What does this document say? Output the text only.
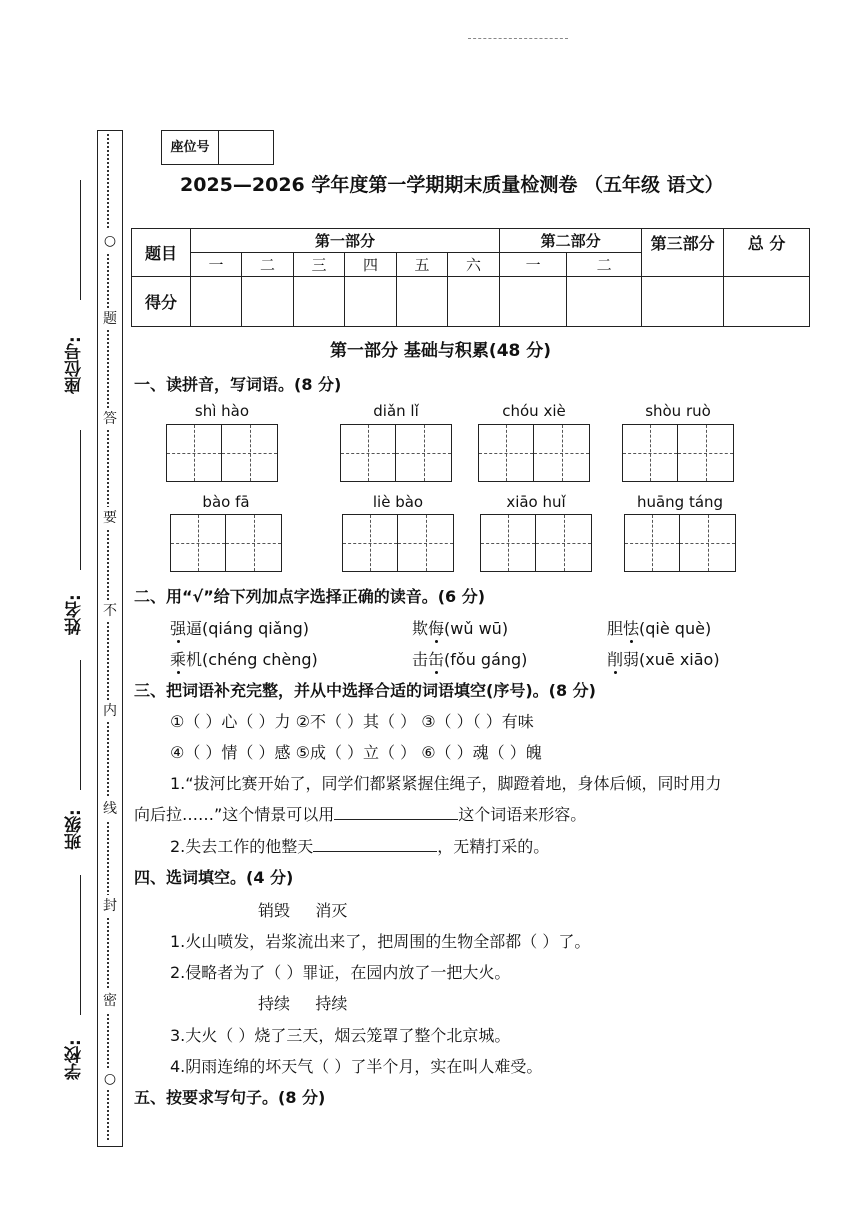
○
题
答
要
不
内
线
封
密
○
座位号:
姓名:
班级:
学校:
座位号
2025—2026 学年度第一学期期末质量检测卷 （五年级 语文）
题目	第一部分						第二部分		第三部分	总 分
	一	二	三	四	五	六	一	二		
得分										
第一部分 基础与积累(48 分)
一、读拼音，写词语。(8 分)
shì hào	diǎn lǐ	chóu xiè	shòu ruò
bào fā	liè bào	xiāo huǐ	huāng táng
二、用“√”给下列加点字选择正确的读音。(6 分)
强逼(qiáng qiǎng)	欺侮(wǔ wū)	胆怯(qiè què)
乘机(chéng chèng)	击缶(fǒu gáng)	削弱(xuē xiāo)
三、把词语补充完整，并从中选择合适的词语填空(序号)。(8 分)
①（ ）心（ ）力 ②不（ ）其（ ） ③（ ）（ ）有味
④（ ）情（ ）感 ⑤成（ ）立（ ） ⑥（ ）魂（ ）魄
1.“拔河比赛开始了，同学们都紧紧握住绳子，脚蹬着地，身体后倾，同时用力
向后拉……”这个情景可以用	这个词语来形容。
2.失去工作的他整天	，无精打采的。
四、选词填空。(4 分)
销毁     消灭
1.火山喷发，岩浆流出来了，把周围的生物全部都（ ）了。
2.侵略者为了（ ）罪证，在园内放了一把大火。
持续     持续
3.大火（ ）烧了三天，烟云笼罩了整个北京城。
4.阴雨连绵的坏天气（ ）了半个月，实在叫人难受。
五、按要求写句子。(8 分)
